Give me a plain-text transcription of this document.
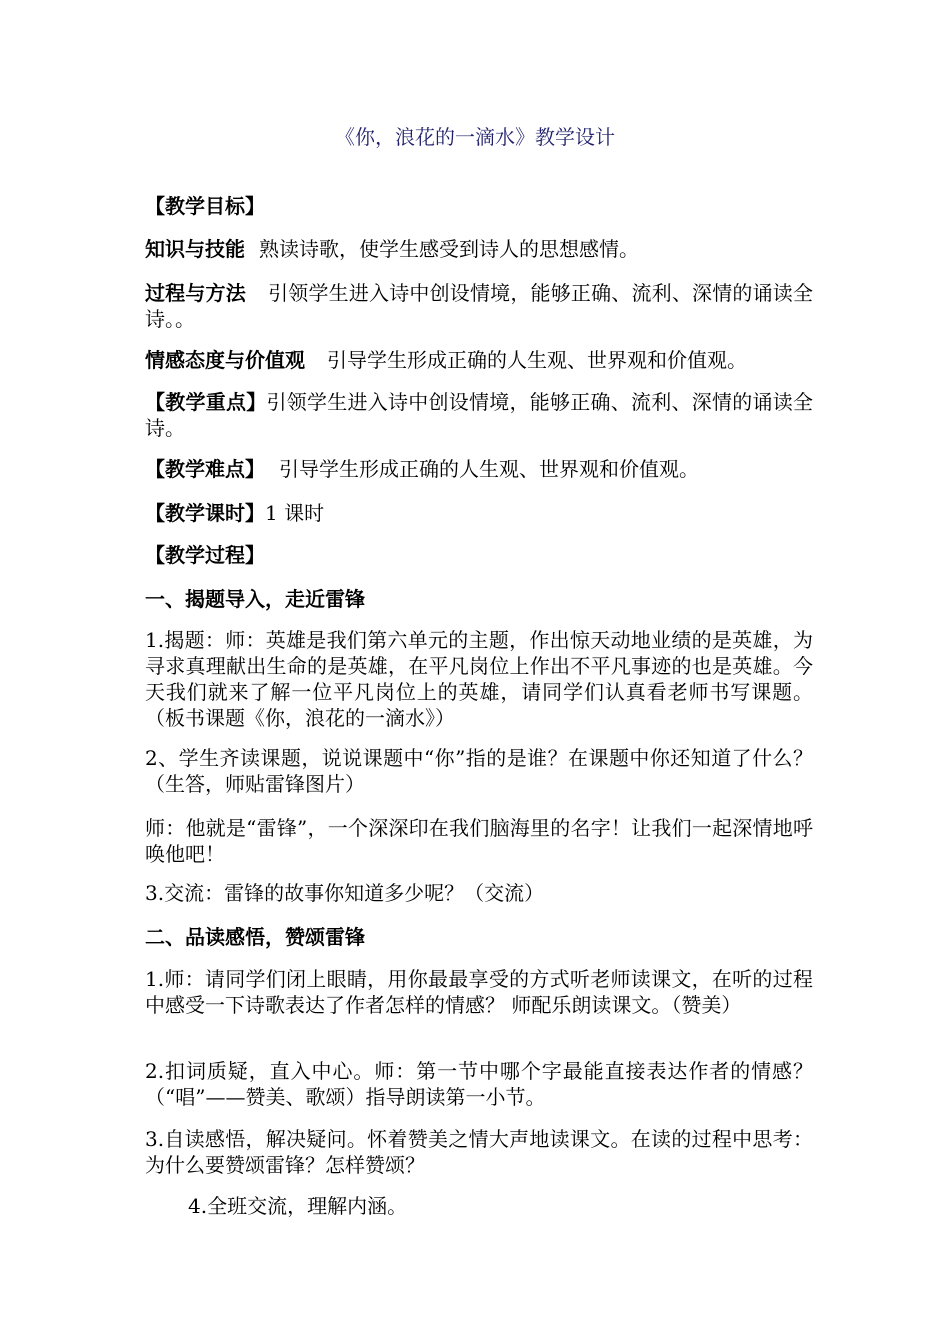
《你，浪花的一滴水》教学设计
【教学目标】
知识与技能 熟读诗歌，使学生感受到诗人的思想感情。
过程与方法 引领学生进入诗中创设情境，能够正确、流利、深情的诵读全诗。。
情感态度与价值观 引导学生形成正确的人生观、世界观和价值观。
【教学重点】引领学生进入诗中创设情境，能够正确、流利、深情的诵读全诗。
【教学难点】 引导学生形成正确的人生观、世界观和价值观。
【教学课时】1 课时
【教学过程】
一、揭题导入，走近雷锋
1.揭题：师：英雄是我们第六单元的主题，作出惊天动地业绩的是英雄，为寻求真理献出生命的是英雄，在平凡岗位上作出不平凡事迹的也是英雄。今天我们就来了解一位平凡岗位上的英雄，请同学们认真看老师书写课题。（板书课题《你，浪花的一滴水》）
2、学生齐读课题，说说课题中“你”指的是谁？在课题中你还知道了什么？（生答，师贴雷锋图片）
师：他就是“雷锋”，一个深深印在我们脑海里的名字！让我们一起深情地呼唤他吧！
3.交流：雷锋的故事你知道多少呢？（交流）
二、品读感悟，赞颂雷锋
1.师：请同学们闭上眼睛，用你最最享受的方式听老师读课文，在听的过程中感受一下诗歌表达了作者怎样的情感？ 师配乐朗读课文。（赞美）
2.扣词质疑，直入中心。师：第一节中哪个字最能直接表达作者的情感？（“唱”——赞美、歌颂）指导朗读第一小节。
3.自读感悟，解决疑问。怀着赞美之情大声地读课文。在读的过程中思考：为什么要赞颂雷锋？怎样赞颂？
4.全班交流，理解内涵。
